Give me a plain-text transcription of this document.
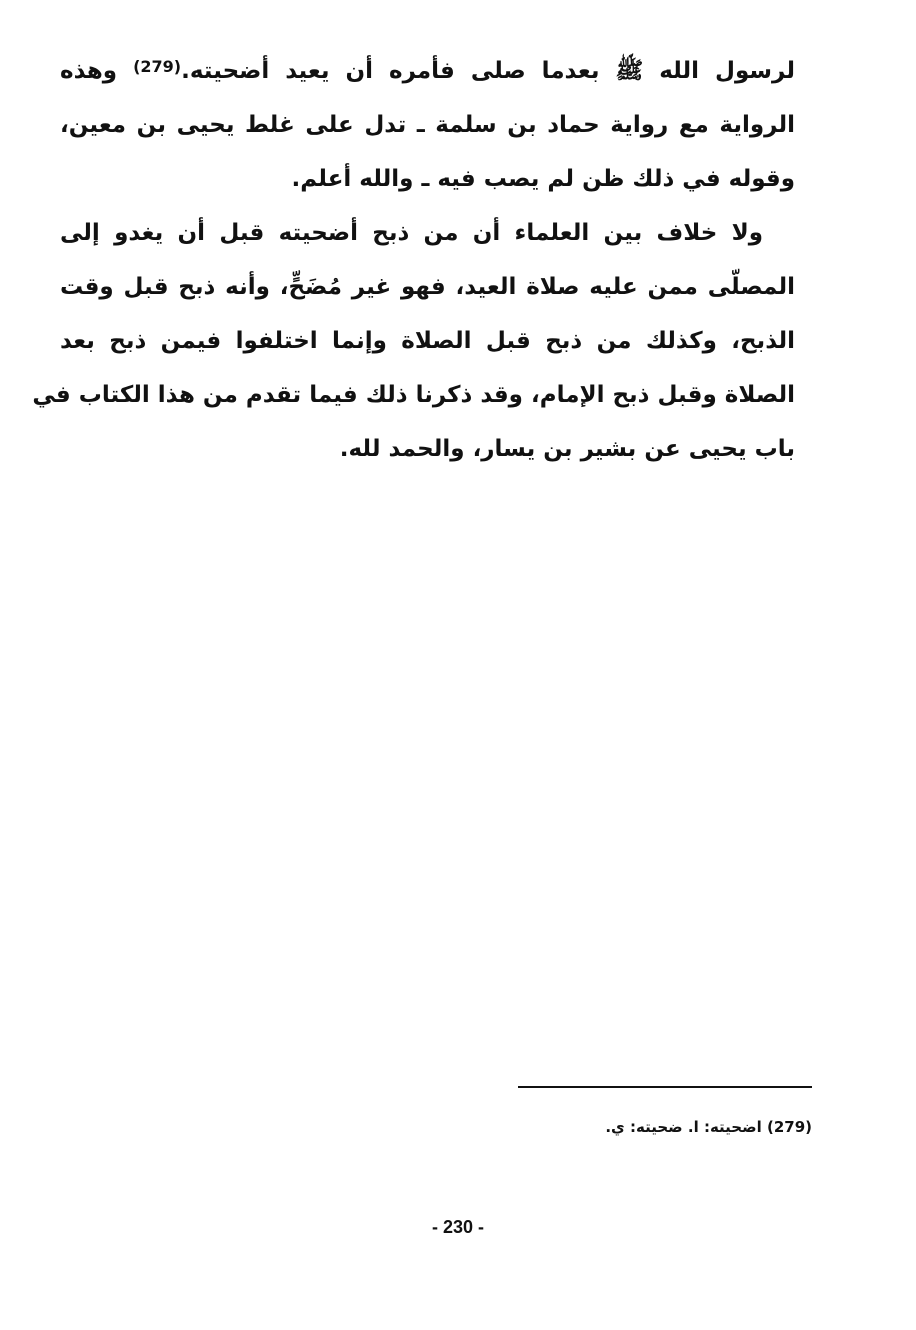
لرسول الله ﷺ بعدما صلى فأمره أن يعيد أضحيته.(279) وهذه
الرواية مع رواية حماد بن سلمة ـ تدل على غلط يحيى بن معين،
وقوله في ذلك ظن لم يصب فيه ـ والله أعلم.

ولا خلاف بين العلماء أن من ذبح أضحيته قبل أن يغدو إلى
المصلّى ممن عليه صلاة العيد، فهو غير مُضَحٍّ، وأنه ذبح قبل وقت
الذبح، وكذلك من ذبح قبل الصلاة وإنما اختلفوا فيمن ذبح بعد
الصلاة وقبل ذبح الإمام، وقد ذكرنا ذلك فيما تقدم من هذا الكتاب في
باب يحيى عن بشير بن يسار، والحمد لله.

(279) اضحيته: ا. ضحيته: ي.
- 230 -
